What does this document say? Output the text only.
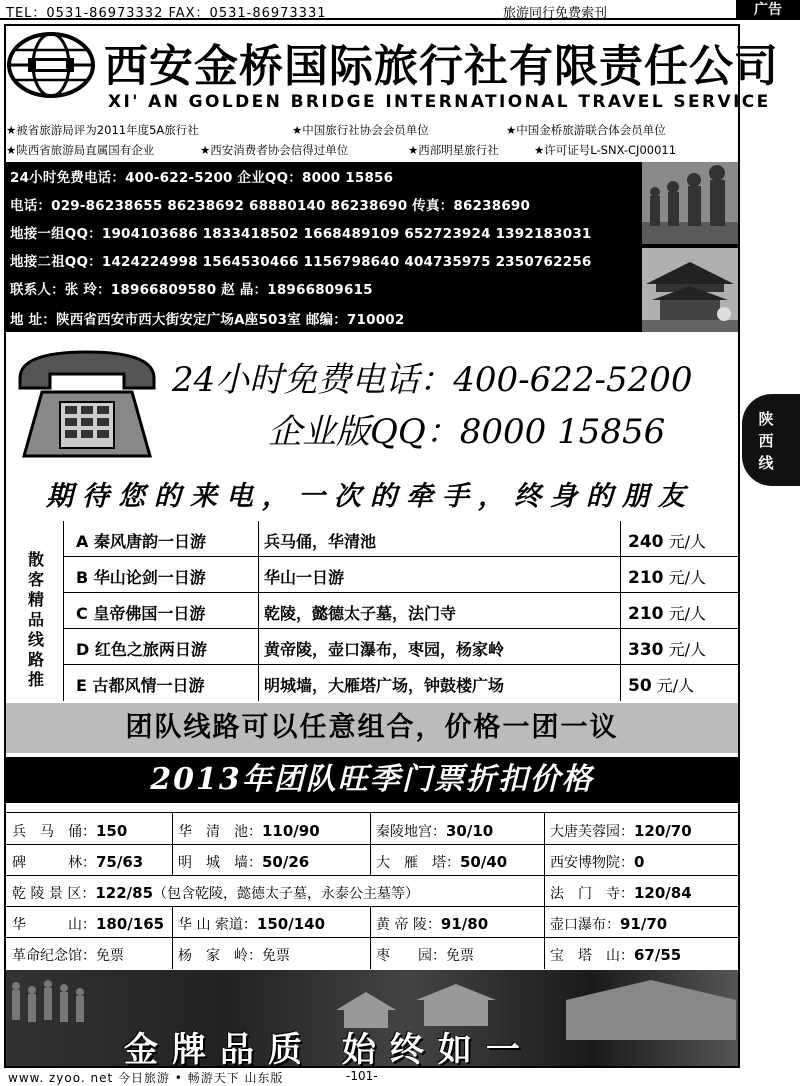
TEL：0531-86973332 FAX：0531-86973331	旅游同行免费索刊	广告
西安金桥国际旅行社有限责任公司
XI' AN GOLDEN BRIDGE INTERNATIONAL TRAVEL SERVICE
★被省旅游局评为2011年度5A旅行社	★中国旅行社协会会员单位	★中国金桥旅游联合体会员单位
★陕西省旅游局直属国有企业	★西安消费者协会信得过单位	★西部明星旅行社	★许可证号L-SNX-CJ00011
24小时免费电话：400-622-5200 企业QQ：8000 15856
电话：029-86238655 86238692 68880140 86238690 传真：86238690
地接一组QQ：1904103686 1833418502 1668489109 652723924 1392183031
地接二祖QQ：1424224998 1564530466 1156798640 404735975 2350762256
联系人：张 玲：18966809580 赵 晶：18966809615
地 址：陕西省西安市西大街安定广场A座503室 邮编：710002
24小时免费电话：400-622-5200
企业版QQ：8000 15856
期待您的来电，一次的牵手，终身的朋友
陕
西
线
散
客
精
品
线
路
推
A 秦风唐韵一日游	兵马俑，华清池	240 元/人
B 华山论剑一日游	华山一日游	210 元/人
C 皇帝佛国一日游	乾陵，懿德太子墓，法门寺	210 元/人
D 红色之旅两日游	黄帝陵，壶口瀑布，枣园，杨家岭	330 元/人
E 古都风情一日游	明城墙，大雁塔广场，钟鼓楼广场	50 元/人
团队线路可以任意组合，价格一团一议
2013年团队旺季门票折扣价格
兵　马　俑：150	华　清　池：110/90	秦陵地宫：30/10	大唐芙蓉园：120/70
碑　　　林：75/63 明　城　墙：50/26	大　雁　塔：50/40	西安博物院：0
乾 陵 景 区：122/85（包含乾陵，懿德太子墓，永泰公主墓等）	法　门　寺：120/84
华　　　山：180/165 华 山 索道：150/140	黄 帝 陵：91/80	壶口瀑布：91/70
革命纪念馆：免票	杨　家　岭：免票	枣　　园：免票	宝　塔　山：67/55
金牌品质 始终如一
www. zyoo. net 今日旅游 • 畅游天下 山东版	-101-
